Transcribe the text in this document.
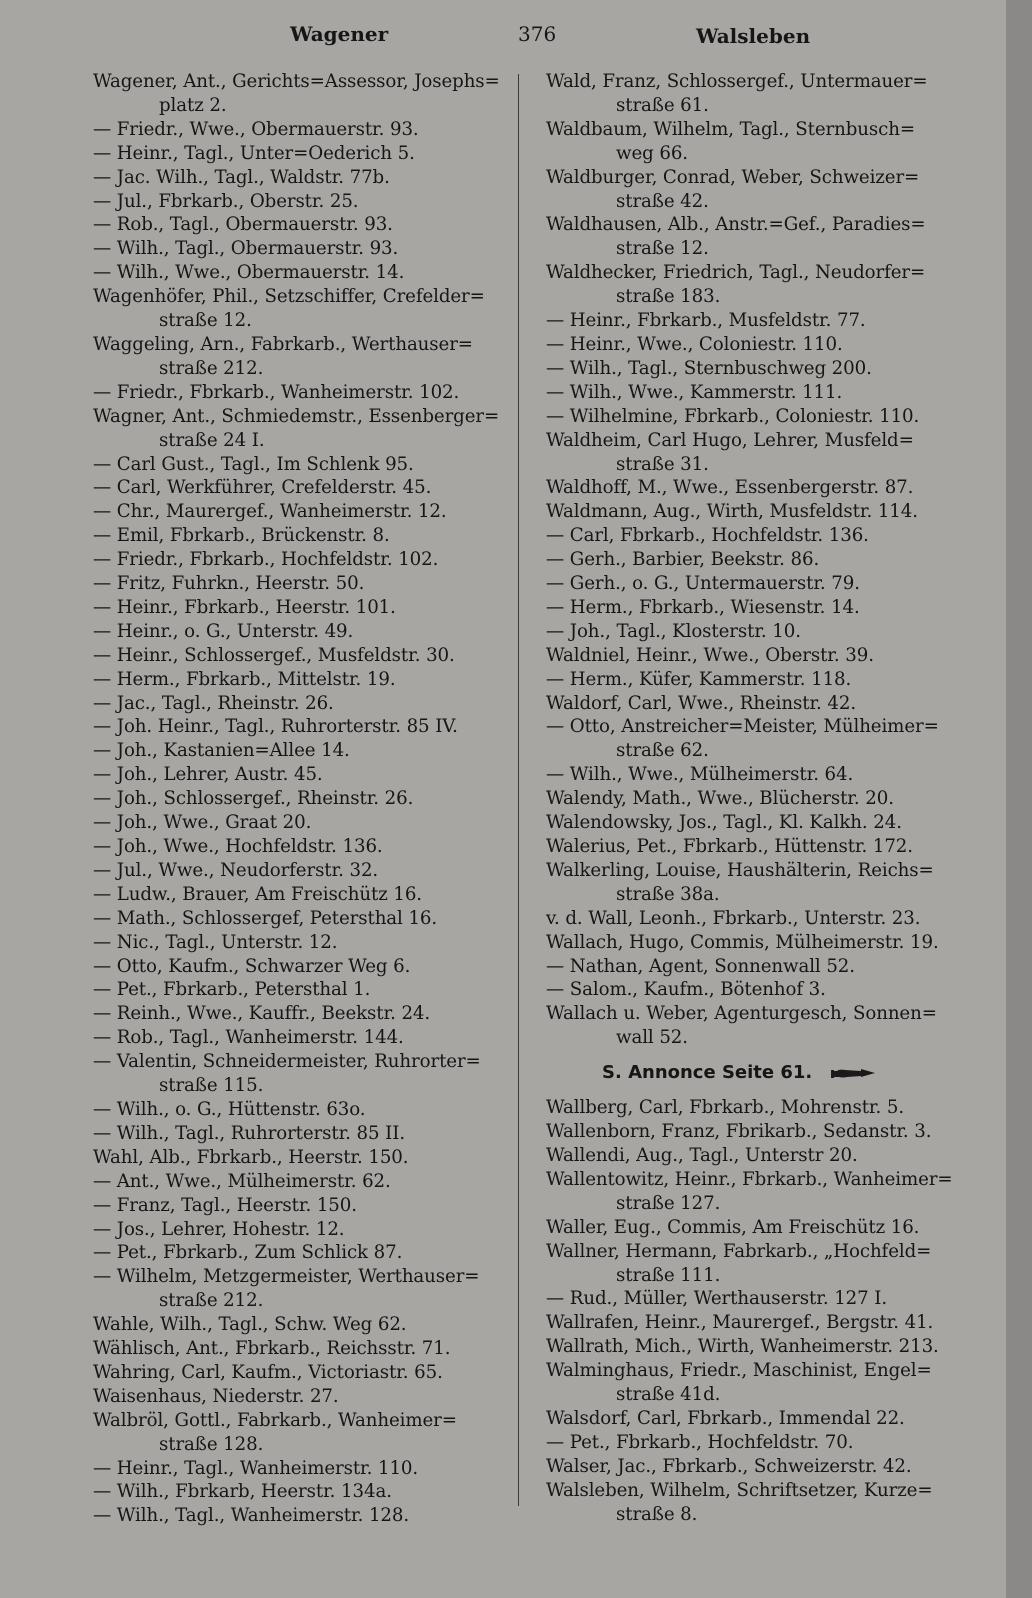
Wagener	376	Walsleben
Wagener, Ant., Gerichts=Assessor, Josephs=
platz 2.
— Friedr., Wwe., Obermauerstr. 93.
— Heinr., Tagl., Unter=Oederich 5.
— Jac. Wilh., Tagl., Waldstr. 77b.
— Jul., Fbrkarb., Oberstr. 25.
— Rob., Tagl., Obermauerstr. 93.
— Wilh., Tagl., Obermauerstr. 93.
— Wilh., Wwe., Obermauerstr. 14.
Wagenhöfer, Phil., Setzschiffer, Crefelder=
straße 12.
Waggeling, Arn., Fabrkarb., Werthauser=
straße 212.
— Friedr., Fbrkarb., Wanheimerstr. 102.
Wagner, Ant., Schmiedemstr., Essenberger=
straße 24 I.
— Carl Gust., Tagl., Im Schlenk 95.
— Carl, Werkführer, Crefelderstr. 45.
— Chr., Maurergef., Wanheimerstr. 12.
— Emil, Fbrkarb., Brückenstr. 8.
— Friedr., Fbrkarb., Hochfeldstr. 102.
— Fritz, Fuhrkn., Heerstr. 50.
— Heinr., Fbrkarb., Heerstr. 101.
— Heinr., o. G., Unterstr. 49.
— Heinr., Schlossergef., Musfeldstr. 30.
— Herm., Fbrkarb., Mittelstr. 19.
— Jac., Tagl., Rheinstr. 26.
— Joh. Heinr., Tagl., Ruhrorterstr. 85 IV.
— Joh., Kastanien=Allee 14.
— Joh., Lehrer, Austr. 45.
— Joh., Schlossergef., Rheinstr. 26.
— Joh., Wwe., Graat 20.
— Joh., Wwe., Hochfeldstr. 136.
— Jul., Wwe., Neudorferstr. 32.
— Ludw., Brauer, Am Freischütz 16.
— Math., Schlossergef, Petersthal 16.
— Nic., Tagl., Unterstr. 12.
— Otto, Kaufm., Schwarzer Weg 6.
— Pet., Fbrkarb., Petersthal 1.
— Reinh., Wwe., Kauffr., Beekstr. 24.
— Rob., Tagl., Wanheimerstr. 144.
— Valentin, Schneidermeister, Ruhrorter=
straße 115.
— Wilh., o. G., Hüttenstr. 63o.
— Wilh., Tagl., Ruhrorterstr. 85 II.
Wahl, Alb., Fbrkarb., Heerstr. 150.
— Ant., Wwe., Mülheimerstr. 62.
— Franz, Tagl., Heerstr. 150.
— Jos., Lehrer, Hohestr. 12.
— Pet., Fbrkarb., Zum Schlick 87.
— Wilhelm, Metzgermeister, Werthauser=
straße 212.
Wahle, Wilh., Tagl., Schw. Weg 62.
Wählisch, Ant., Fbrkarb., Reichsstr. 71.
Wahring, Carl, Kaufm., Victoriastr. 65.
Waisenhaus, Niederstr. 27.
Walbröl, Gottl., Fabrkarb., Wanheimer=
straße 128.
— Heinr., Tagl., Wanheimerstr. 110.
— Wilh., Fbrkarb, Heerstr. 134a.
— Wilh., Tagl., Wanheimerstr. 128.
Wald, Franz, Schlossergef., Untermauer=
straße 61.
Waldbaum, Wilhelm, Tagl., Sternbusch=
weg 66.
Waldburger, Conrad, Weber, Schweizer=
straße 42.
Waldhausen, Alb., Anstr.=Gef., Paradies=
straße 12.
Waldhecker, Friedrich, Tagl., Neudorfer=
straße 183.
— Heinr., Fbrkarb., Musfeldstr. 77.
— Heinr., Wwe., Coloniestr. 110.
— Wilh., Tagl., Sternbuschweg 200.
— Wilh., Wwe., Kammerstr. 111.
— Wilhelmine, Fbrkarb., Coloniestr. 110.
Waldheim, Carl Hugo, Lehrer, Musfeld=
straße 31.
Waldhoff, M., Wwe., Essenbergerstr. 87.
Waldmann, Aug., Wirth, Musfeldstr. 114.
— Carl, Fbrkarb., Hochfeldstr. 136.
— Gerh., Barbier, Beekstr. 86.
— Gerh., o. G., Untermauerstr. 79.
— Herm., Fbrkarb., Wiesenstr. 14.
— Joh., Tagl., Klosterstr. 10.
Waldniel, Heinr., Wwe., Oberstr. 39.
— Herm., Küfer, Kammerstr. 118.
Waldorf, Carl, Wwe., Rheinstr. 42.
— Otto, Anstreicher=Meister, Mülheimer=
straße 62.
— Wilh., Wwe., Mülheimerstr. 64.
Walendy, Math., Wwe., Blücherstr. 20.
Walendowsky, Jos., Tagl., Kl. Kalkh. 24.
Walerius, Pet., Fbrkarb., Hüttenstr. 172.
Walkerling, Louise, Haushälterin, Reichs=
straße 38a.
v. d. Wall, Leonh., Fbrkarb., Unterstr. 23.
Wallach, Hugo, Commis, Mülheimerstr. 19.
— Nathan, Agent, Sonnenwall 52.
— Salom., Kaufm., Bötenhof 3.
Wallach u. Weber, Agenturgesch, Sonnen=
wall 52.
S. Annonce Seite 61.
Wallberg, Carl, Fbrkarb., Mohrenstr. 5.
Wallenborn, Franz, Fbrikarb., Sedanstr. 3.
Wallendi, Aug., Tagl., Unterstr 20.
Wallentowitz, Heinr., Fbrkarb., Wanheimer=
straße 127.
Waller, Eug., Commis, Am Freischütz 16.
Wallner, Hermann, Fabrkarb., „Hochfeld=
straße 111.
— Rud., Müller, Werthauserstr. 127 I.
Wallrafen, Heinr., Maurergef., Bergstr. 41.
Wallrath, Mich., Wirth, Wanheimerstr. 213.
Walminghaus, Friedr., Maschinist, Engel=
straße 41d.
Walsdorf, Carl, Fbrkarb., Immendal 22.
— Pet., Fbrkarb., Hochfeldstr. 70.
Walser, Jac., Fbrkarb., Schweizerstr. 42.
Walsleben, Wilhelm, Schriftsetzer, Kurze=
straße 8.
